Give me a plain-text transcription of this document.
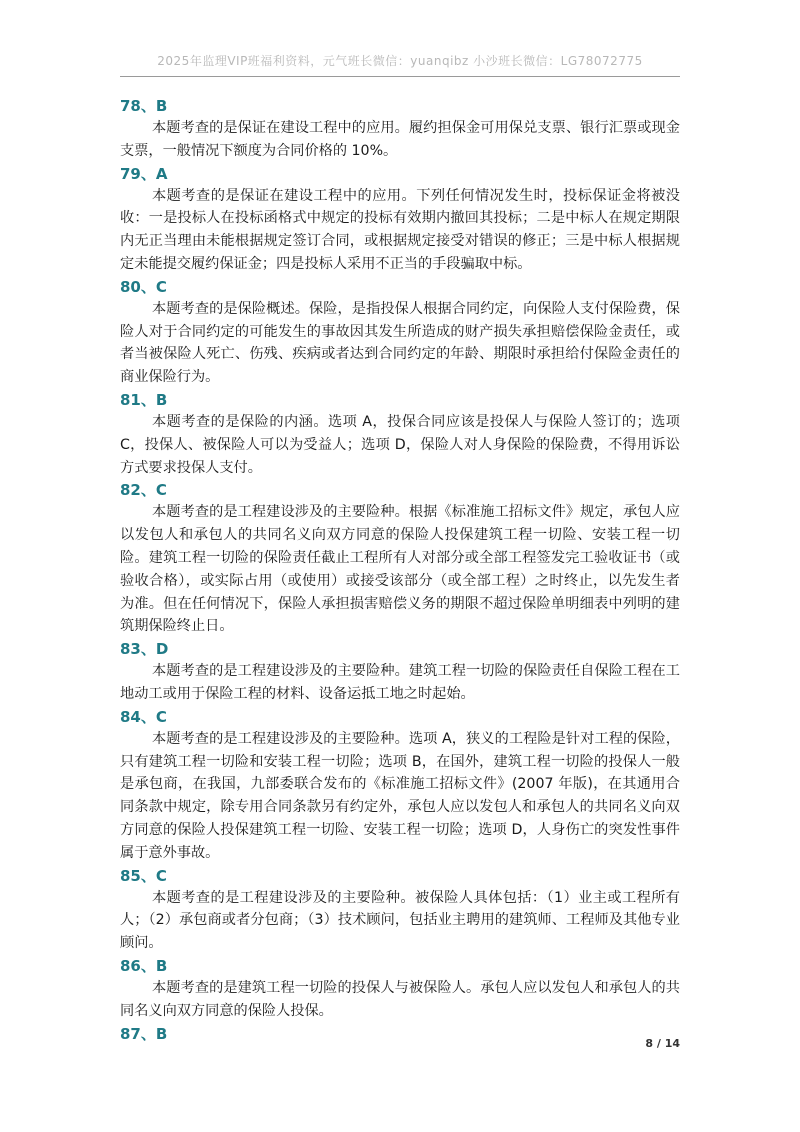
2025年监理VIP班福利资料，元气班长微信：yuanqibz 小沙班长微信：LG78072775

78、B

本题考查的是保证在建设工程中的应用。履约担保金可用保兑支票、银行汇票或现金支票，一般情况下额度为合同价格的 10%。

79、A

本题考查的是保证在建设工程中的应用。下列任何情况发生时，投标保证金将被没收：一是投标人在投标函格式中规定的投标有效期内撤回其投标；二是中标人在规定期限内无正当理由未能根据规定签订合同，或根据规定接受对错误的修正；三是中标人根据规定未能提交履约保证金；四是投标人采用不正当的手段骗取中标。

80、C

本题考查的是保险概述。保险，是指投保人根据合同约定，向保险人支付保险费，保险人对于合同约定的可能发生的事故因其发生所造成的财产损失承担赔偿保险金责任，或者当被保险人死亡、伤残、疾病或者达到合同约定的年龄、期限时承担给付保险金责任的商业保险行为。

81、B

本题考查的是保险的内涵。选项 A，投保合同应该是投保人与保险人签订的；选项 C，投保人、被保险人可以为受益人；选项 D，保险人对人身保险的保险费，不得用诉讼方式要求投保人支付。

82、C

本题考查的是工程建设涉及的主要险种。根据《标准施工招标文件》规定，承包人应以发包人和承包人的共同名义向双方同意的保险人投保建筑工程一切险、安装工程一切险。建筑工程一切险的保险责任截止工程所有人对部分或全部工程签发完工验收证书（或验收合格），或实际占用（或使用）或接受该部分（或全部工程）之时终止，以先发生者为准。但在任何情况下，保险人承担损害赔偿义务的期限不超过保险单明细表中列明的建筑期保险终止日。

83、D

本题考查的是工程建设涉及的主要险种。建筑工程一切险的保险责任自保险工程在工地动工或用于保险工程的材料、设备运抵工地之时起始。

84、C

本题考查的是工程建设涉及的主要险种。选项 A，狭义的工程险是针对工程的保险，只有建筑工程一切险和安装工程一切险；选项 B，在国外，建筑工程一切险的投保人一般是承包商，在我国，九部委联合发布的《标准施工招标文件》(2007 年版)，在其通用合同条款中规定，除专用合同条款另有约定外，承包人应以发包人和承包人的共同名义向双方同意的保险人投保建筑工程一切险、安装工程一切险；选项 D，人身伤亡的突发性事件属于意外事故。

85、C

本题考查的是工程建设涉及的主要险种。被保险人具体包括：（1）业主或工程所有人；（2）承包商或者分包商；（3）技术顾问，包括业主聘用的建筑师、工程师及其他专业顾问。

86、B

本题考查的是建筑工程一切险的投保人与被保险人。承包人应以发包人和承包人的共同名义向双方同意的保险人投保。

87、B

8 / 14
